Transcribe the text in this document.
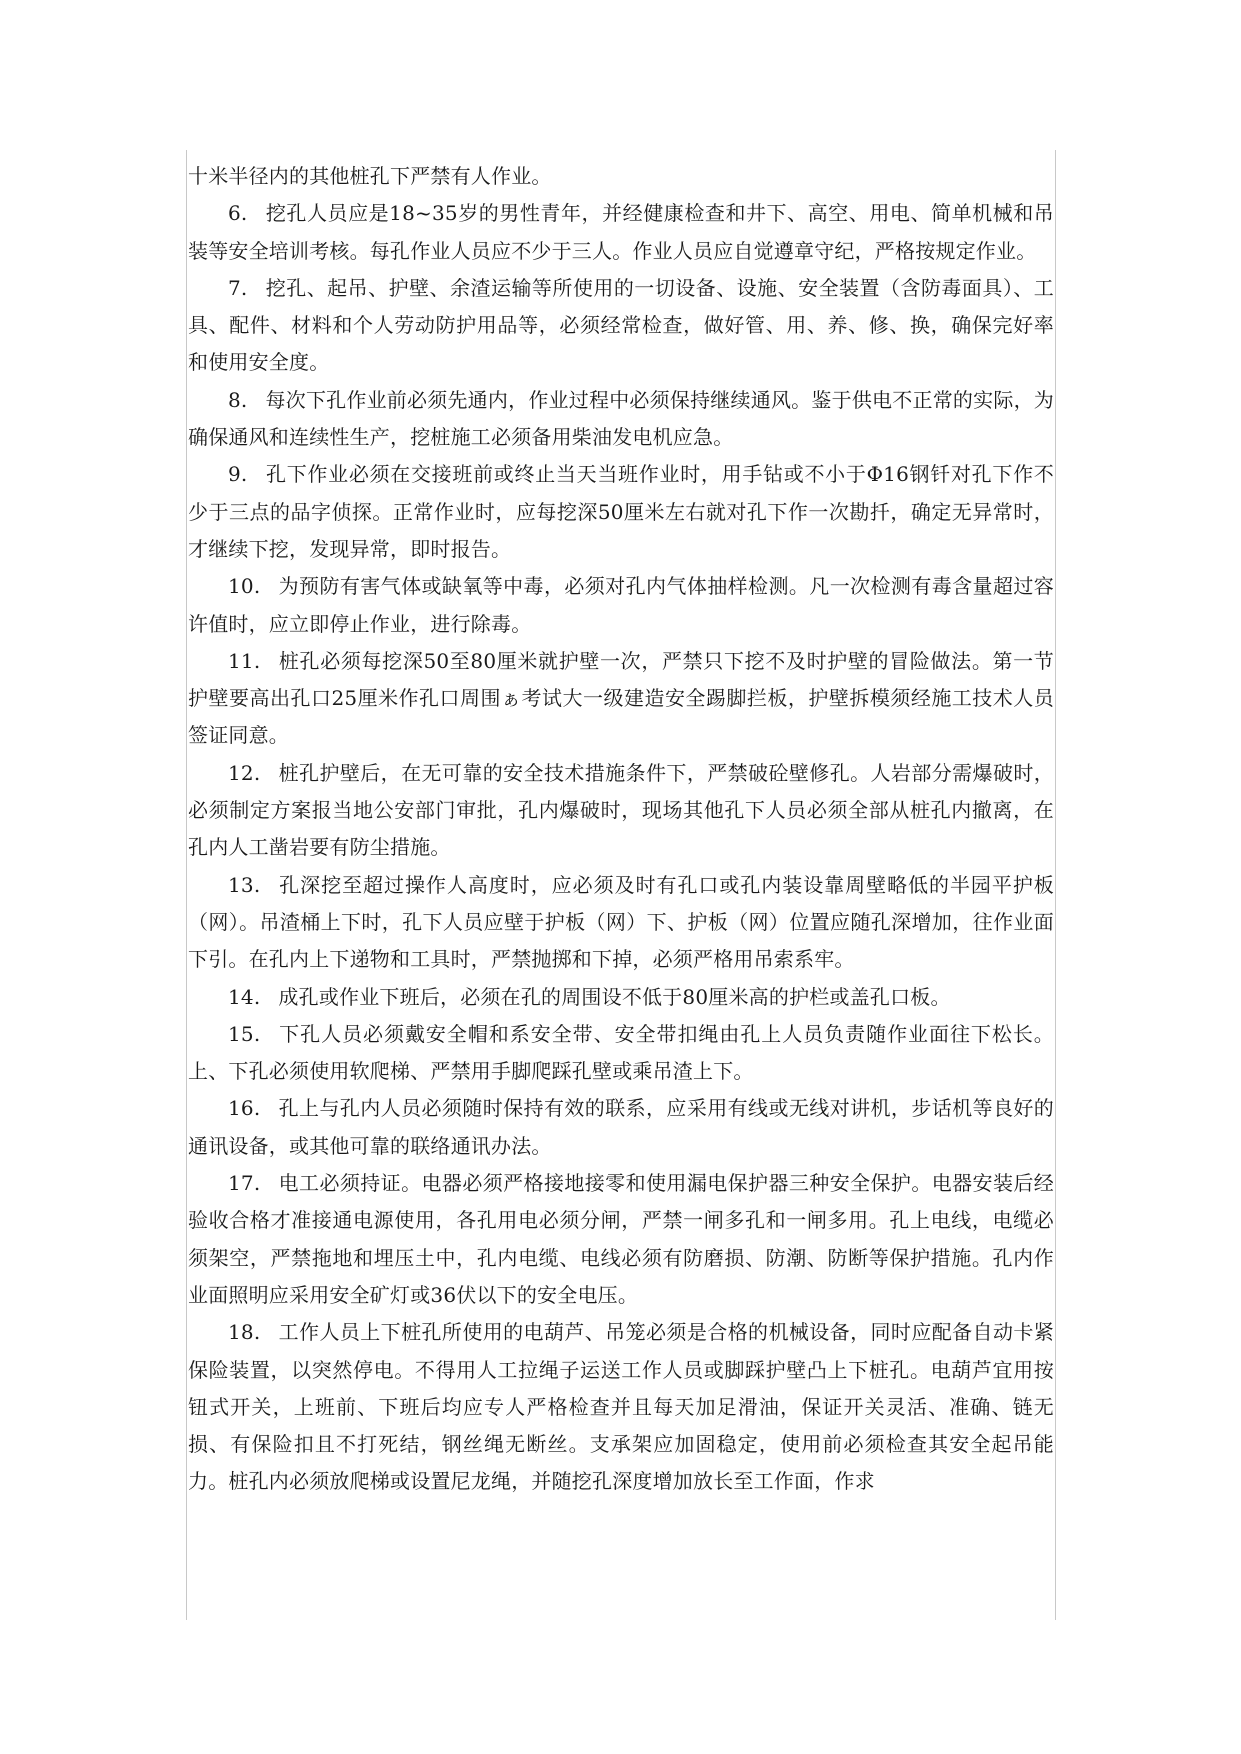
十米半径内的其他桩孔下严禁有人作业。

6. 挖孔人员应是18~35岁的男性青年，并经健康检查和井下、高空、用电、简单机械和吊装等安全培训考核。每孔作业人员应不少于三人。作业人员应自觉遵章守纪，严格按规定作业。

7. 挖孔、起吊、护壁、余渣运输等所使用的一切设备、设施、安全装置（含防毒面具）、工具、配件、材料和个人劳动防护用品等，必须经常检查，做好管、用、养、修、换，确保完好率和使用安全度。

8. 每次下孔作业前必须先通内，作业过程中必须保持继续通风。鉴于供电不正常的实际，为确保通风和连续性生产，挖桩施工必须备用柴油发电机应急。

9. 孔下作业必须在交接班前或终止当天当班作业时，用手钻或不小于Φ16钢钎对孔下作不少于三点的品字侦探。正常作业时，应每挖深50厘米左右就对孔下作一次勘扦，确定无异常时，才继续下挖，发现异常，即时报告。

10. 为预防有害气体或缺氧等中毒，必须对孔内气体抽样检测。凡一次检测有毒含量超过容许值时，应立即停止作业，进行除毒。

11. 桩孔必须每挖深50至80厘米就护壁一次，严禁只下挖不及时护壁的冒险做法。第一节护壁要高出孔口25厘米作孔口周围ぁ考试大一级建造安全踢脚拦板，护壁拆模须经施工技术人员签证同意。

12. 桩孔护壁后，在无可靠的安全技术措施条件下，严禁破砼壁修孔。人岩部分需爆破时，必须制定方案报当地公安部门审批，孔内爆破时，现场其他孔下人员必须全部从桩孔内撤离，在孔内人工凿岩要有防尘措施。

13. 孔深挖至超过操作人高度时，应必须及时有孔口或孔内装设靠周壁略低的半园平护板（网）。吊渣桶上下时，孔下人员应壁于护板（网）下、护板（网）位置应随孔深增加，往作业面下引。在孔内上下递物和工具时，严禁抛掷和下掉，必须严格用吊索系牢。

14. 成孔或作业下班后，必须在孔的周围设不低于80厘米高的护栏或盖孔口板。

15. 下孔人员必须戴安全帽和系安全带、安全带扣绳由孔上人员负责随作业面往下松长。上、下孔必须使用软爬梯、严禁用手脚爬踩孔壁或乘吊渣上下。

16. 孔上与孔内人员必须随时保持有效的联系，应采用有线或无线对讲机，步话机等良好的通讯设备，或其他可靠的联络通讯办法。

17. 电工必须持证。电器必须严格接地接零和使用漏电保护器三种安全保护。电器安装后经验收合格才准接通电源使用，各孔用电必须分闸，严禁一闸多孔和一闸多用。孔上电线，电缆必须架空，严禁拖地和埋压土中，孔内电缆、电线必须有防磨损、防潮、防断等保护措施。孔内作业面照明应采用安全矿灯或36伏以下的安全电压。

18. 工作人员上下桩孔所使用的电葫芦、吊笼必须是合格的机械设备，同时应配备自动卡紧保险装置，以突然停电。不得用人工拉绳子运送工作人员或脚踩护壁凸上下桩孔。电葫芦宜用按钮式开关，上班前、下班后均应专人严格检查并且每天加足滑油，保证开关灵活、准确、链无损、有保险扣且不打死结，钢丝绳无断丝。支承架应加固稳定，使用前必须检查其安全起吊能力。桩孔内必须放爬梯或设置尼龙绳，并随挖孔深度增加放长至工作面，作求
